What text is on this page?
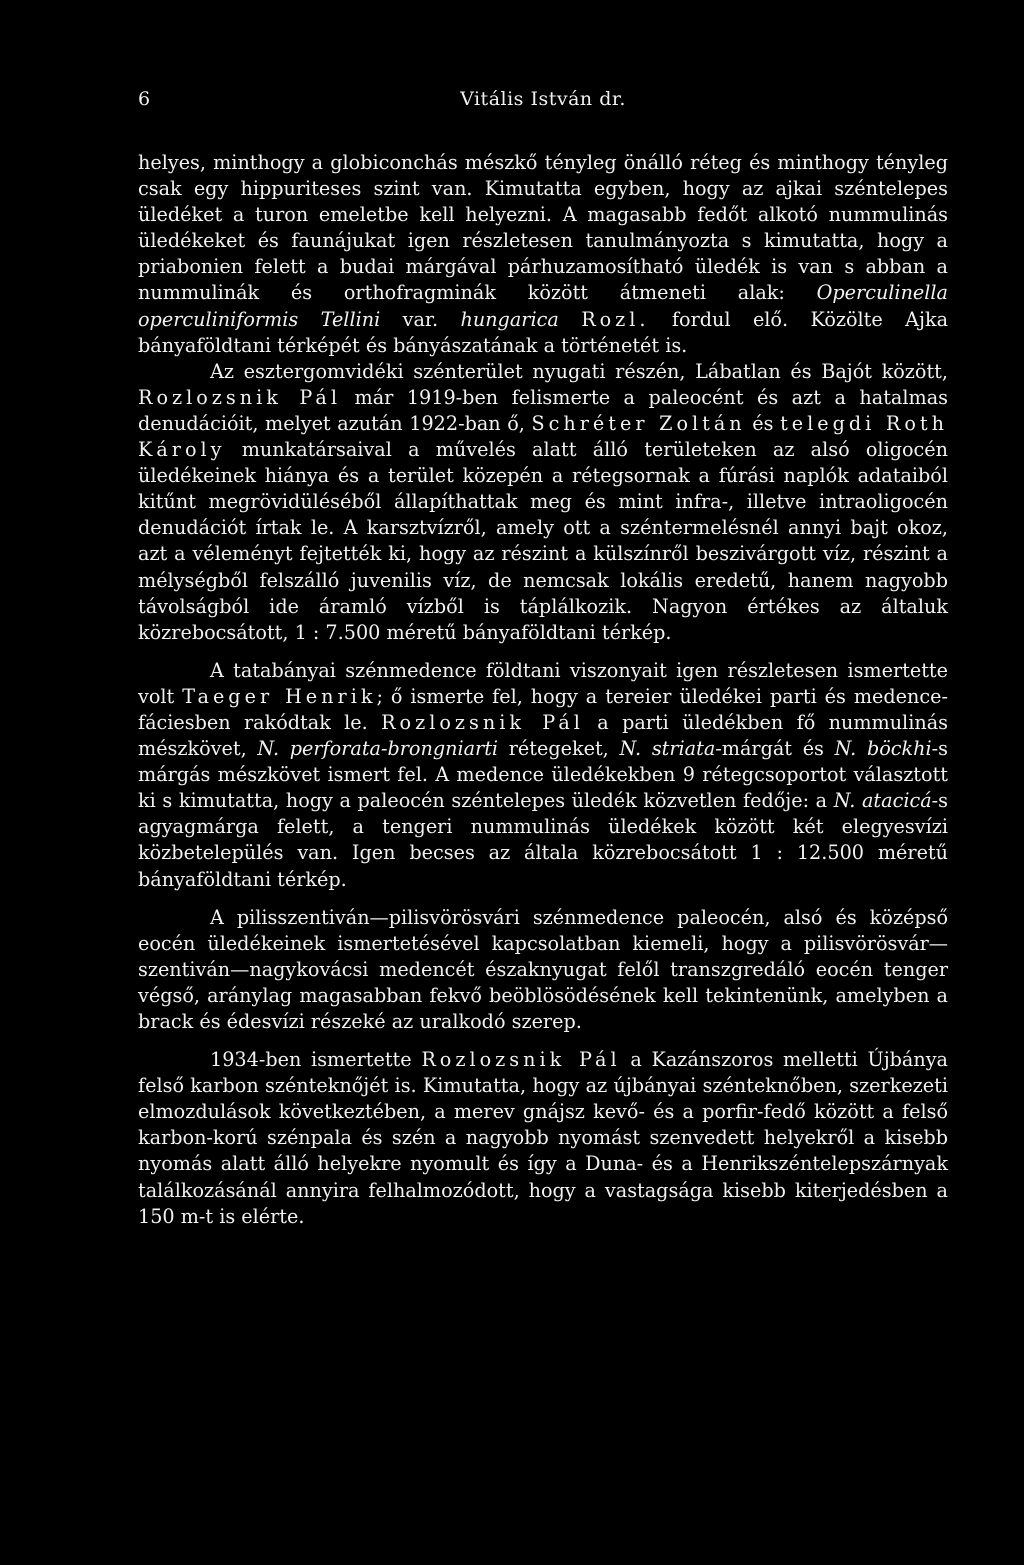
6	Vitális István dr.

helyes, minthogy a globiconchás mészkő tényleg önálló réteg és minthogy tényleg csak egy hippuriteses szint van. Kimutatta egyben, hogy az ajkai széntelepes üledéket a turon emeletbe kell helyezni. A magasabb fedőt alkotó nummulinás üledékeket és faunájukat igen részletesen tanulmányozta s kimutatta, hogy a priabonien felett a budai márgával párhuzamosítható üledék is van s abban a nummulinák és orthofragminák között átmeneti alak: Operculinella operculiniformis Tellini var. hungarica Rozl. fordul elő. Közölte Ajka bányaföldtani térképét és bányászatának a történetét is.

Az esztergomvidéki szénterület nyugati részén, Lábatlan és Bajót között, Rozlozsnik Pál már 1919-ben felismerte a paleocént és azt a hatalmas denudációit, melyet azután 1922-ban ő, Schréter Zoltán és telegdi Roth Károly munkatársaival a művelés alatt álló területeken az alsó oligocén üledékeinek hiánya és a terület közepén a rétegsornak a fúrási naplók adataiból kitűnt megrövidüléséből állapíthattak meg és mint infra-, illetve intraoligocén denudációt írtak le. A karsztvízről, amely ott a széntermelésnél annyi bajt okoz, azt a véleményt fejtették ki, hogy az részint a külszínről beszivárgott víz, részint a mélységből felszálló juvenilis víz, de nemcsak lokális eredetű, hanem nagyobb távolságból ide áramló vízből is táplálkozik. Nagyon értékes az általuk közrebocsátott, 1 : 7.500 méretű bányaföldtani térkép.

A tatabányai szénmedence földtani viszonyait igen részletesen ismertette volt Taeger Henrik; ő ismerte fel, hogy a tereier üledékei parti és medence-fáciesben rakódtak le. Rozlozsnik Pál a parti üledékben fő nummulinás mészkövet, N. perforata-brongniarti rétegeket, N. striata-márgát és N. böckhi-s márgás mészkövet ismert fel. A medence üledékekben 9 rétegcsoportot választott ki s kimutatta, hogy a paleocén széntelepes üledék közvetlen fedője: a N. atacicá-s agyagmárga felett, a tengeri nummulinás üledékek között két elegyesvízi közbetelepülés van. Igen becses az általa közrebocsátott 1 : 12.500 méretű bányaföldtani térkép.

A pilisszentiván—pilisvörösvári szénmedence paleocén, alsó és középső eocén üledékeinek ismertetésével kapcsolatban kiemeli, hogy a pilisvörösvár—szentiván—nagykovácsi medencét északnyugat felől transzgredáló eocén tenger végső, aránylag magasabban fekvő beöblösödésének kell tekintenünk, amelyben a brack és édesvízi részeké az uralkodó szerep.

1934-ben ismertette Rozlozsnik Pál a Kazánszoros melletti Újbánya felső karbon szénteknőjét is. Kimutatta, hogy az újbányai szénteknőben, szerkezeti elmozdulások következtében, a merev gnájsz kevő- és a porfir-fedő között a felső karbon-korú szénpala és szén a nagyobb nyomást szenvedett helyekről a kisebb nyomás alatt álló helyekre nyomult és így a Duna- és a Henrikszéntelepszárnyak találkozásánál annyira felhalmozódott, hogy a vastagsága kisebb kiterjedésben a 150 m-t is elérte.
